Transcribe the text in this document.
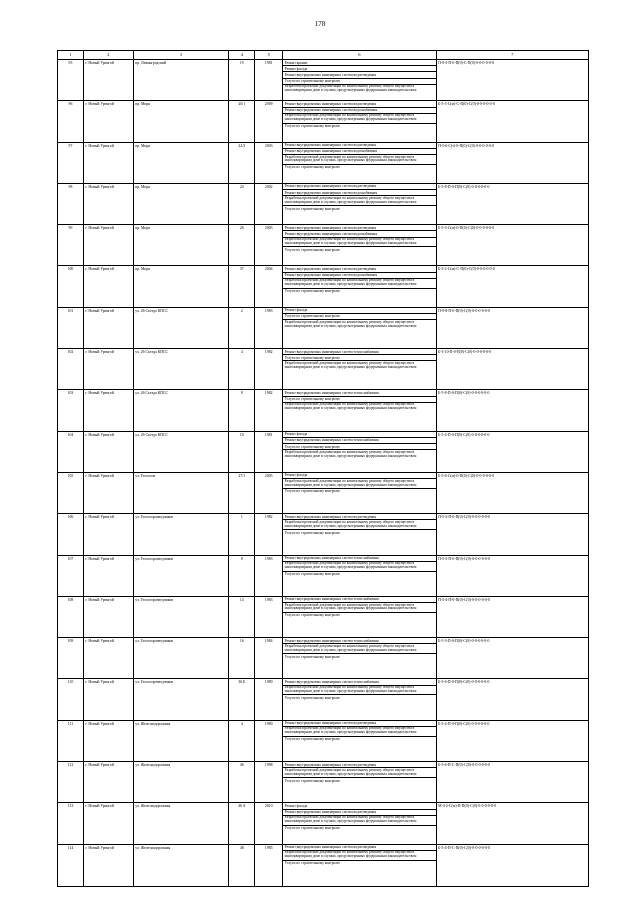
178
1	2	3	4	5	6	7
95	г. Новый Уренгой	пр. Ленинградский	19	1981	Ремонт крыши
Ремонт фасада
Ремонт внутридомовых инженерных систем водоотведения
Услуги по строительному контролю
Разработка проектной документации по капитальному ремонту общего имущества в многоквартирном доме в случаях, предусмотренных федеральным законодательством
П-9-3-П-0-П(0)-С-П(0)-0-0-0-0-0-0
96	г. Новый Уренгой	пр. Мира	20/1	2009	Ремонт внутридомовых инженерных систем водоотведения
Ремонт внутридомовых инженерных систем водоснабжения
Разработка проектной документации по капитальному ремонту общего имущества в многоквартирном доме в случаях, предусмотренных федеральным законодательством
Услуги по строительному контролю
Б-5-3-С(м)-С-П(0)-С(0)-0-0-0-0-0-0
97	г. Новый Уренгой	пр. Мира	22/3	2003	Ремонт внутридомовых инженерных систем водоотведения
Ремонт внутридомовых инженерных систем водоснабжения
Разработка проектной документации по капитальному ремонту общего имущества в многоквартирном доме в случаях, предусмотренных федеральным законодательством
Услуги по строительному контролю
П-5-6-С(т)-0-П(0)-С(0)-0-0-0-0-0-0
98	г. Новый Уренгой	пр. Мира	24	2002	Ремонт внутридомовых инженерных систем водоотведения
Ремонт внутридомовых инженерных систем водоснабжения
Разработка проектной документации по капитальному ремонту общего имущества в многоквартирном доме в случаях, предусмотренных федеральным законодательством
Услуги по строительному контролю
Б-5-8-П-0-П(0)-С(0)-0-0-0-0-0-0
99	г. Новый Уренгой	пр. Мира	26	2003	Ремонт внутридомовых инженерных систем водоотведения
Ремонт внутридомовых инженерных систем водоснабжения
Разработка проектной документации по капитальному ремонту общего имущества в многоквартирном доме в случаях, предусмотренных федеральным законодательством
Услуги по строительному контролю
Б-5-3-С(м)-0-П(0)-С(0)-0-0-0-0-0-0
100	г. Новый Уренгой	пр. Мира	37	2004	Ремонт внутридомовых инженерных систем водоотведения
Ремонт внутридомовых инженерных систем водоснабжения
Разработка проектной документации по капитальному ремонту общего имущества в многоквартирном доме в случаях, предусмотренных федеральным законодательством
Услуги по строительному контролю
Б-3-2-С(м)-С-П(0)-С(0)-0-0-0-0-0-0
101	г. Новый Уренгой	ул. 26 Съезда КПСС	2	1983	Ремонт фасада
Услуги по строительному контролю
Разработка проектной документации по капитальному ремонту общего имущества в многоквартирном доме в случаях, предусмотренных федеральным законодательством
П-9-8-П-0-П(0)-С(0)-0-0-0-0-0-0
102	г. Новый Уренгой	ул. 26 Съезда КПСС	4	1982	Ремонт внутридомовых инженерных систем теплоснабжения
Услуги по строительному контролю
Разработка проектной документации по капитальному ремонту общего имущества в многоквартирном доме в случаях, предусмотренных федеральным законодательством
Б-5-10-П-0-П(0)-С(0)-0-0-0-0-0-0
103	г. Новый Уренгой	ул. 26 Съезда КПСС	8	1982	Ремонт внутридомовых инженерных систем теплоснабжения
Услуги по строительному контролю
Разработка проектной документации по капитальному ремонту общего имущества в многоквартирном доме в случаях, предусмотренных федеральным законодательством
Б-5-8-П-0-П(0)-С(0)-0-0-0-0-0-0
104	г. Новый Уренгой	ул. 26 Съезда КПСС	10	1981	Ремонт фасада
Ремонт внутридомовых инженерных систем теплоснабжения
Услуги по строительному контролю
Разработка проектной документации по капитальному ремонту общего имущества в многоквартирном доме в случаях, предусмотренных федеральным законодательством
Б-5-4-П-0-П(0)-С(0)-0-0-0-0-0-0
105	г. Новый Уренгой	ул. Геологов	27/1	2005	Ремонт фасада
Разработка проектной документации по капитальному ремонту общего имущества в многоквартирном доме в случаях, предусмотренных федеральным законодательством
Услуги по строительному контролю
Б-5-6-С(м)-0-П(0)-С(0)-0-0-0-0-0-0
106	г. Новый Уренгой	ул. Геологоразведчиков	1	1982	Ремонт внутридомовых инженерных систем водоотведения
Разработка проектной документации по капитальному ремонту общего имущества в многоквартирном доме в случаях, предусмотренных федеральным законодательством
Услуги по строительному контролю
П-5-3-П-0-П(0)-С(0)-0-0-0-0-0-0
107	г. Новый Уренгой	ул. Геологоразведчиков	8	1983	Ремонт внутридомовых инженерных систем теплоснабжения
Разработка проектной документации по капитальному ремонту общего имущества в многоквартирном доме в случаях, предусмотренных федеральным законодательством
Услуги по строительному контролю
П-5-3-П-0-П(0)-С(0)-0-0-0-0-0-0
108	г. Новый Уренгой	ул. Геологоразведчиков	14	1983	Ремонт внутридомовых инженерных систем теплоснабжения
Разработка проектной документации по капитальному ремонту общего имущества в многоквартирном доме в случаях, предусмотренных федеральным законодательством
Услуги по строительному контролю
П-5-4-П-0-П(0)-С(0)-0-0-0-0-0-0
109	г. Новый Уренгой	ул. Геологоразведчиков	16	1984	Ремонт внутридомовых инженерных систем теплоснабжения
Разработка проектной документации по капитальному ремонту общего имущества в многоквартирном доме в случаях, предусмотренных федеральным законодательством
Услуги по строительному контролю
Б-5-3-П-0-П(0)-С(0)-0-0-0-0-0-0
110	г. Новый Уренгой	ул. Геологоразведчиков	36 Б	1980	Ремонт внутридомовых инженерных систем теплоснабжения
Разработка проектной документации по капитальному ремонту общего имущества в многоквартирном доме в случаях, предусмотренных федеральным законодательством
Услуги по строительному контролю
Б-5-6-П-0-П(0)-С(0)-0-0-0-0-0-0
111	г. Новый Уренгой	ул. Железнодорожная	4	1980	Ремонт внутридомовых инженерных систем водоотведения
Разработка проектной документации по капитальному ремонту общего имущества в многоквартирном доме в случаях, предусмотренных федеральным законодательством
Услуги по строительному контролю
Б-5-4-П-0-П(0)-С(0)-0-0-0-0-0-0
112	г. Новый Уренгой	ул. Железнодорожная	46	1998	Ремонт внутридомовых инженерных систем водоотведения
Разработка проектной документации по капитальному ремонту общего имущества в многоквартирном доме в случаях, предусмотренных федеральным законодательством
Услуги по строительному контролю
Б-5-6-П-С-П(0)-С(0)-0-0-0-0-0-0
113	г. Новый Уренгой	ул. Железнодорожная	46 А	2010	Ремонт фасада
Ремонт внутридомовых инженерных систем водоотведения
Разработка проектной документации по капитальному ремонту общего имущества в многоквартирном доме в случаях, предусмотренных федеральным законодательством
Услуги по строительному контролю
М-4-2-С(м)-П-П(0)-С(0)-0-0-0-0-0-0
114	г. Новый Уренгой	ул. Железнодорожная	48	1985	Ремонт внутридомовых инженерных систем водоотведения
Разработка проектной документации по капитальному ремонту общего имущества в многоквартирном доме в случаях, предусмотренных федеральным законодательством
Услуги по строительному контролю
Б-5-4-П-С-П(0)-С(0)-0-0-0-0-0-0
